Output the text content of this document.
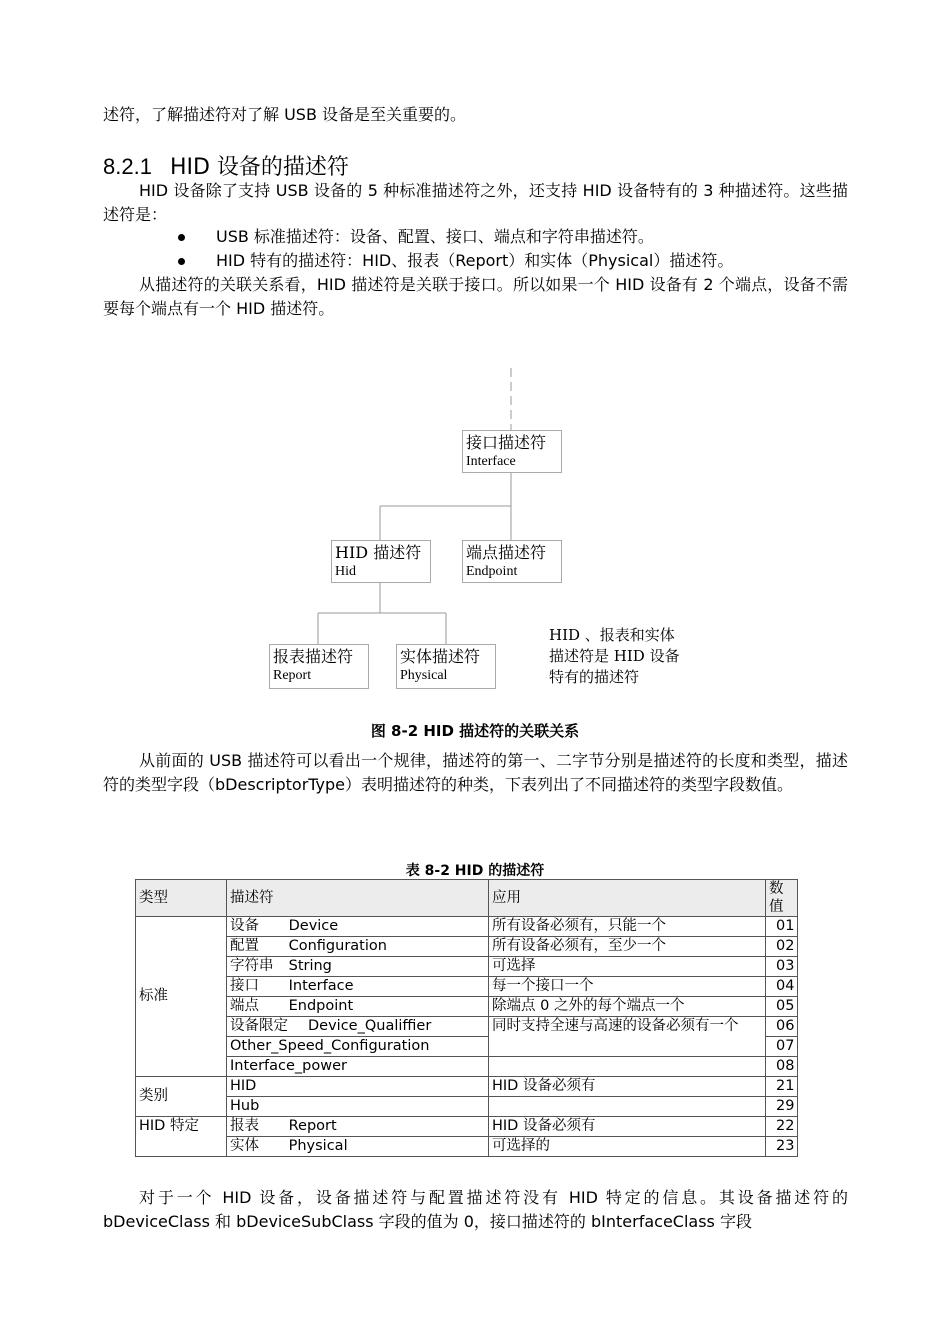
述符，了解描述符对了解 USB 设备是至关重要的。

8.2.1 HID 设备的描述符

HID 设备除了支持 USB 设备的 5 种标准描述符之外，还支持 HID 设备特有的 3 种描述符。这些描述符是：

USB 标准描述符：设备、配置、接口、端点和字符串描述符。
HID 特有的描述符：HID、报表（Report）和实体（Physical）描述符。

从描述符的关联关系看，HID 描述符是关联于接口。所以如果一个 HID 设备有 2 个端点，设备不需要每个端点有一个 HID 描述符。

接口描述符
Interface
HID 描述符
Hid
端点描述符
Endpoint
报表描述符
Report
实体描述符
Physical
HID 、报表和实体
描述符是 HID 设备
特有的描述符
图 8-2 HID 描述符的关联关系

从前面的 USB 描述符可以看出一个规律，描述符的第一、二字节分别是描述符的长度和类型，描述符的类型字段（bDescriptorType）表明描述符的种类，下表列出了不同描述符的类型字段数值。

表 8-2 HID 的描述符
类型	描述符	应用	数值
标准	设备 Device	所有设备必须有，只能一个	01
	配置 Configuration	所有设备必须有，至少一个	02
	字符串 String	可选择	03
	接口 Interface	每一个接口一个	04
	端点 Endpoint	除端点 0 之外的每个端点一个	05
	设备限定 Device_Qualiffier	同时支持全速与高速的设备必须有一个	06
	Other_Speed_Configuration		07
	Interface_power		08
类别	HID	HID 设备必须有	21
	Hub		29
HID 特定	报表 Report	HID 设备必须有	22
	实体 Physical	可选择的	23

对于一个 HID 设备，设备描述符与配置描述符没有 HID 特定的信息。其设备描述符的 bDeviceClass 和 bDeviceSubClass 字段的值为 0，接口描述符的 bInterfaceClass 字段
